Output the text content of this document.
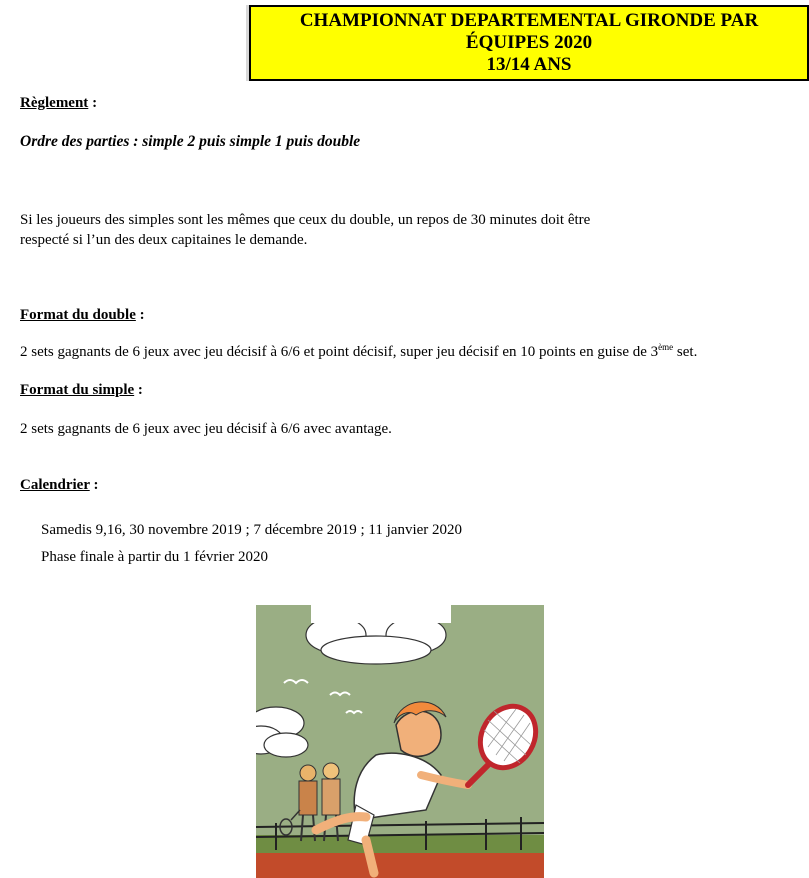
CHAMPIONNAT DEPARTEMENTAL GIRONDE PAR
ÉQUIPES 2020
13/14 ANS
Règlement :
Ordre des parties : simple 2 puis simple 1 puis double
Si les joueurs des simples sont les mêmes que ceux du double, un repos de 30 minutes doit être
respecté si l’un des deux capitaines le demande.
Format du double :
2 sets gagnants de 6 jeux avec jeu décisif à 6/6 et point décisif, super jeu décisif en 10 points en guise de 3ème set.
Format du simple :
2 sets gagnants de 6 jeux avec jeu décisif à 6/6 avec avantage.
Calendrier :
Samedis 9,16, 30 novembre 2019 ; 7 décembre 2019 ; 11 janvier 2020
Phase finale à partir du 1 février 2020
